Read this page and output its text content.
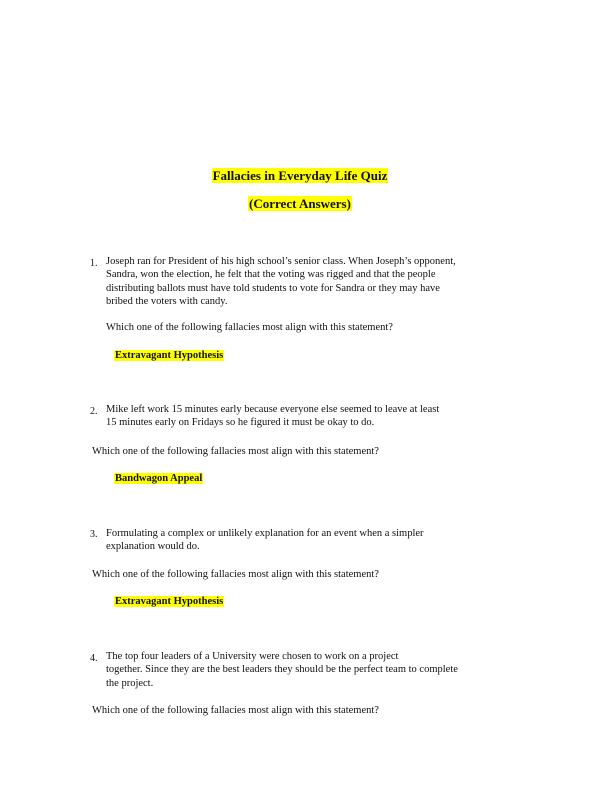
Fallacies in Everyday Life Quiz
(Correct Answers)
1. Joseph ran for President of his high school’s senior class. When Joseph’s opponent,
Sandra, won the election, he felt that the voting was rigged and that the people
distributing ballots must have told students to vote for Sandra or they may have
bribed the voters with candy.
Which one of the following fallacies most align with this statement?
Extravagant Hypothesis
2. Mike left work 15 minutes early because everyone else seemed to leave at least
15 minutes early on Fridays so he figured it must be okay to do.
Which one of the following fallacies most align with this statement?
Bandwagon Appeal
3. Formulating a complex or unlikely explanation for an event when a simpler
explanation would do.
Which one of the following fallacies most align with this statement?
Extravagant Hypothesis
4. The top four leaders of a University were chosen to work on a project
together. Since they are the best leaders they should be the perfect team to complete
the project.
Which one of the following fallacies most align with this statement?
